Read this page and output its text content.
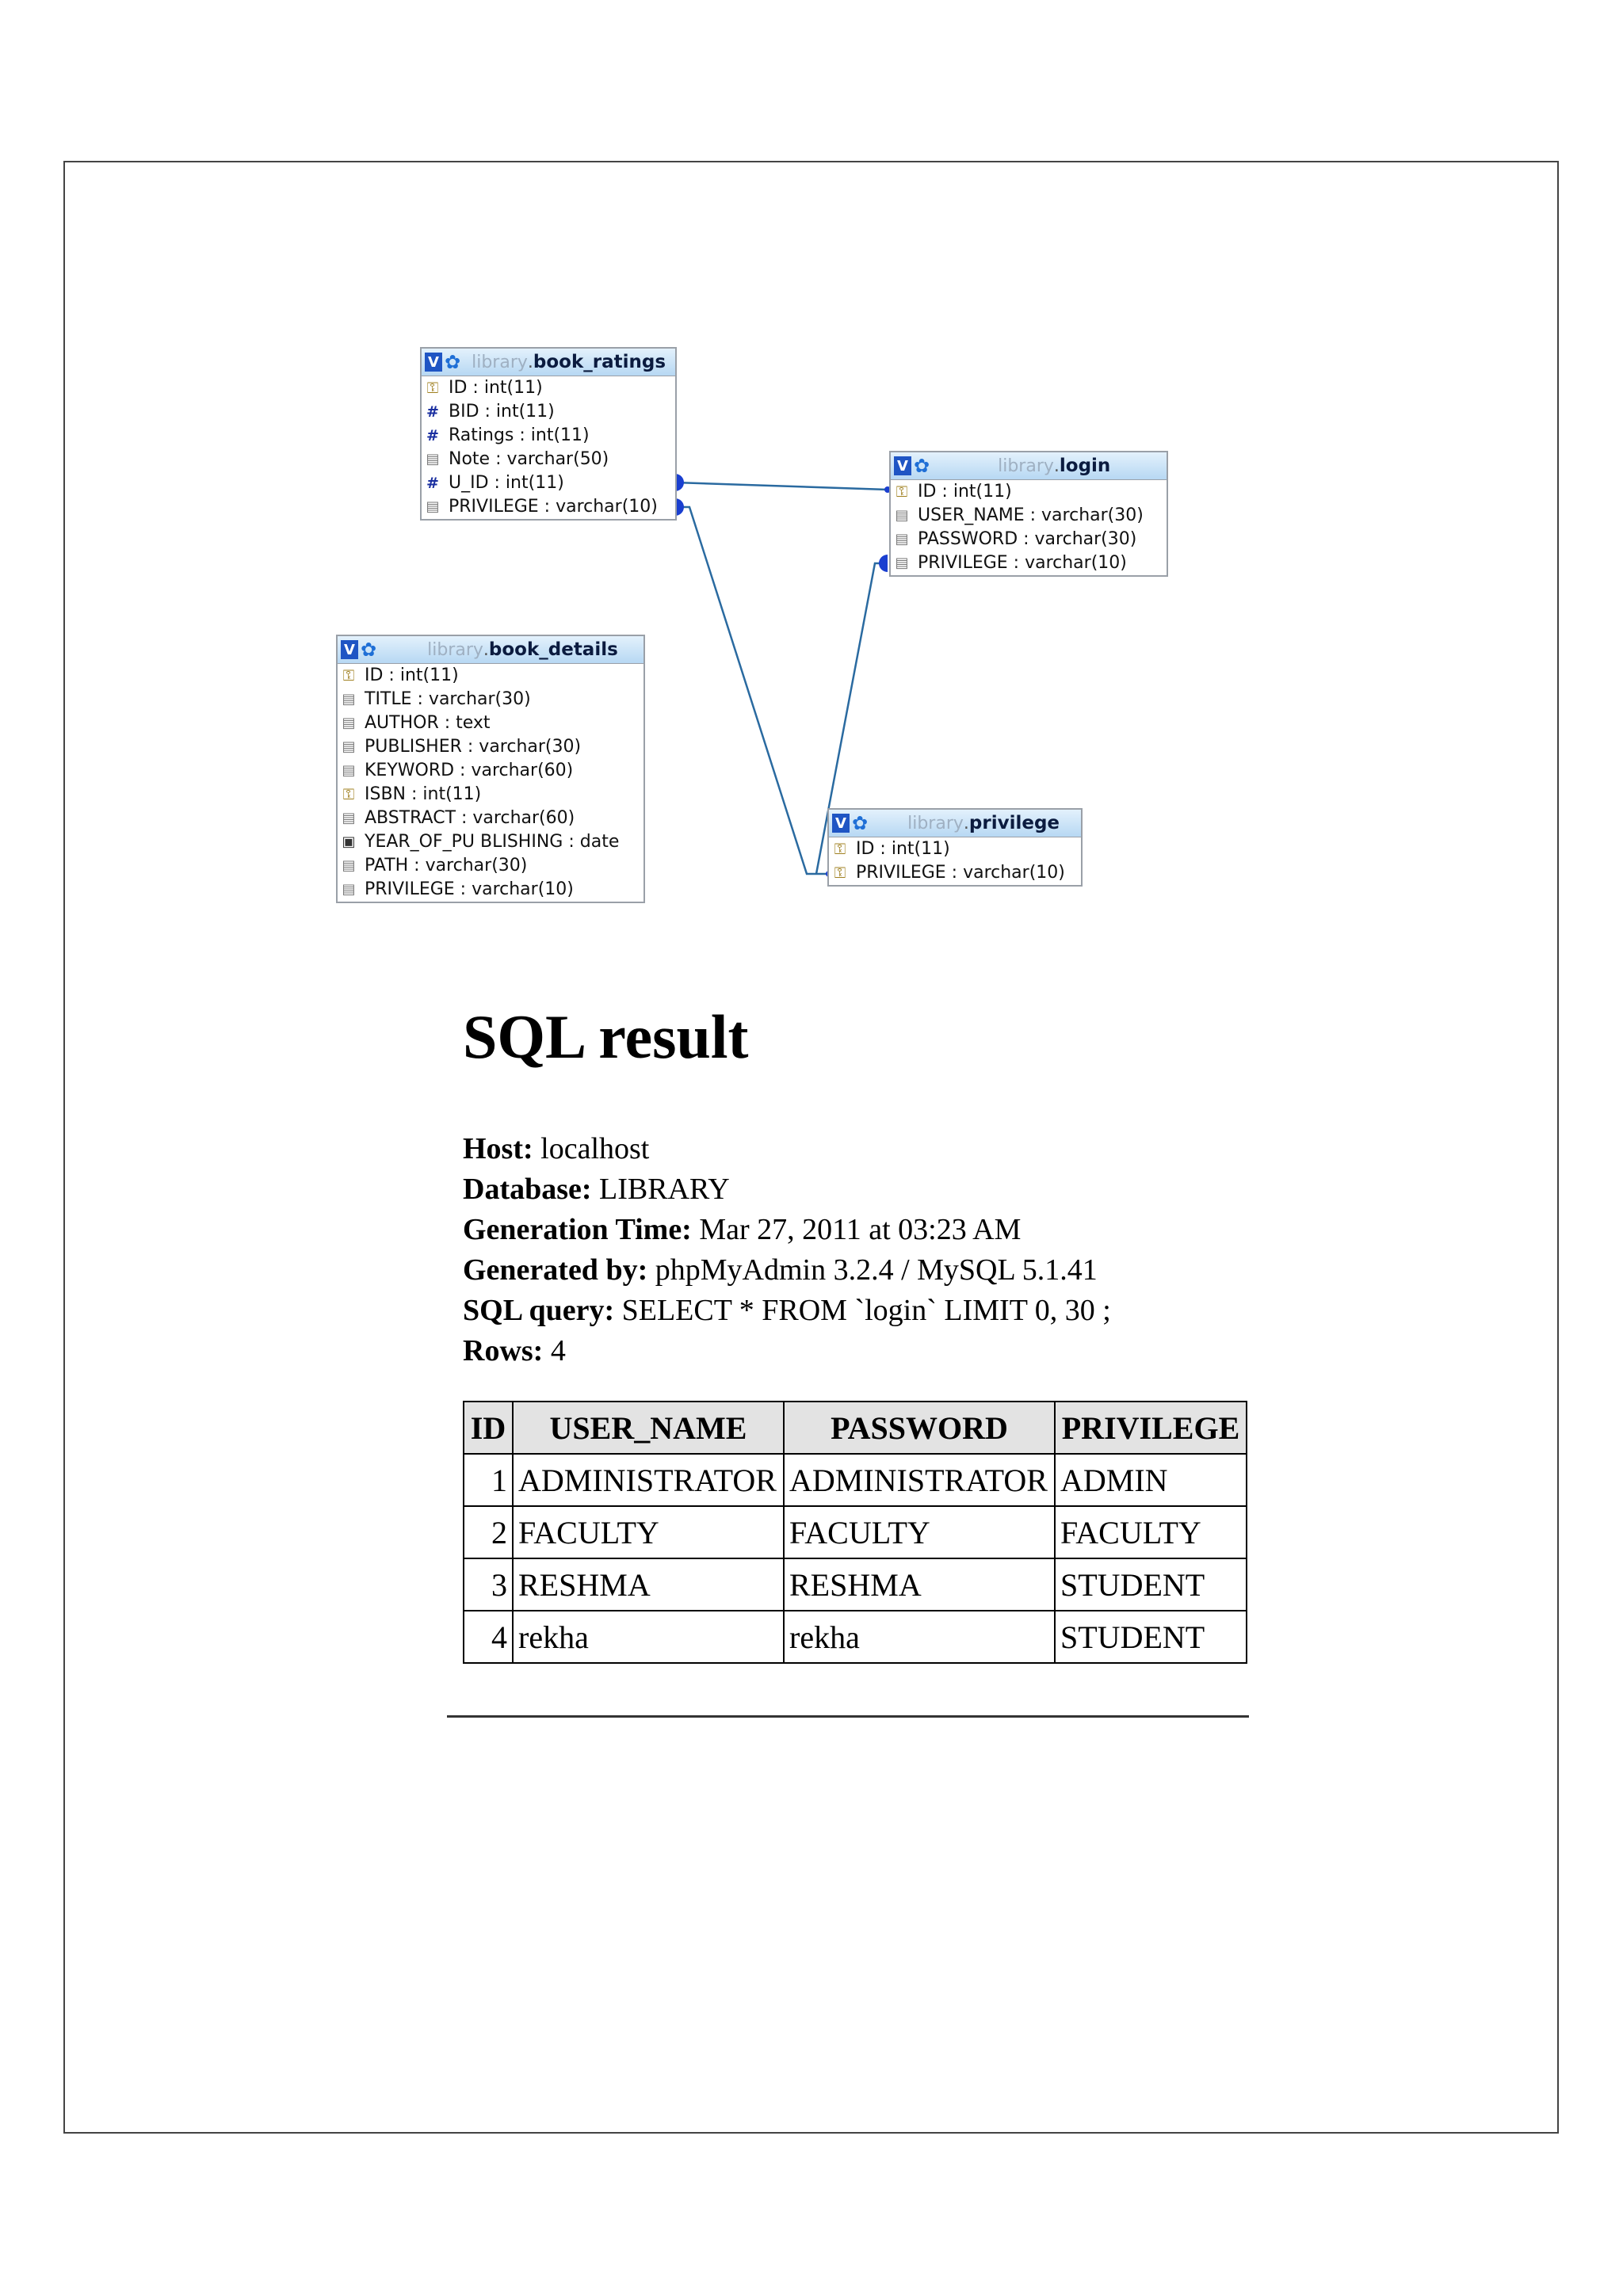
V ✿ library . book_ratings
⚿ ID : int(11)
# BID : int(11)
# Ratings : int(11)
▤ Note : varchar(50)
# U_ID : int(11)
▤ PRIVILEGE : varchar(10)
V ✿	library . login
⚿ ID : int(11)
▤ USER_NAME : varchar(30)
▤ PASSWORD : varchar(30)
▤ PRIVILEGE : varchar(10)
V ✿	library . book_details
⚿ ID : int(11)
▤ TITLE : varchar(30)
▤ AUTHOR : text
▤ PUBLISHER : varchar(30)
▤ KEYWORD : varchar(60)
⚿ ISBN : int(11)
▤ ABSTRACT : varchar(60)
▣ YEAR_OF_PU BLISHING : date
▤ PATH : varchar(30)
▤ PRIVILEGE : varchar(10)
V ✿ library . privilege
⚿ ID : int(11)
⚿ PRIVILEGE : varchar(10)
SQL result
Host: localhost
Database: LIBRARY
Generation Time: Mar 27, 2011 at 03:23 AM
Generated by: phpMyAdmin 3.2.4 / MySQL 5.1.41
SQL query: SELECT * FROM `login` LIMIT 0, 30 ;
Rows: 4
ID	USER_NAME	PASSWORD	PRIVILEGE
1	ADMINISTRATOR	ADMINISTRATOR	ADMIN
2	FACULTY	FACULTY	FACULTY
3	RESHMA	RESHMA	STUDENT
4	rekha	rekha	STUDENT
